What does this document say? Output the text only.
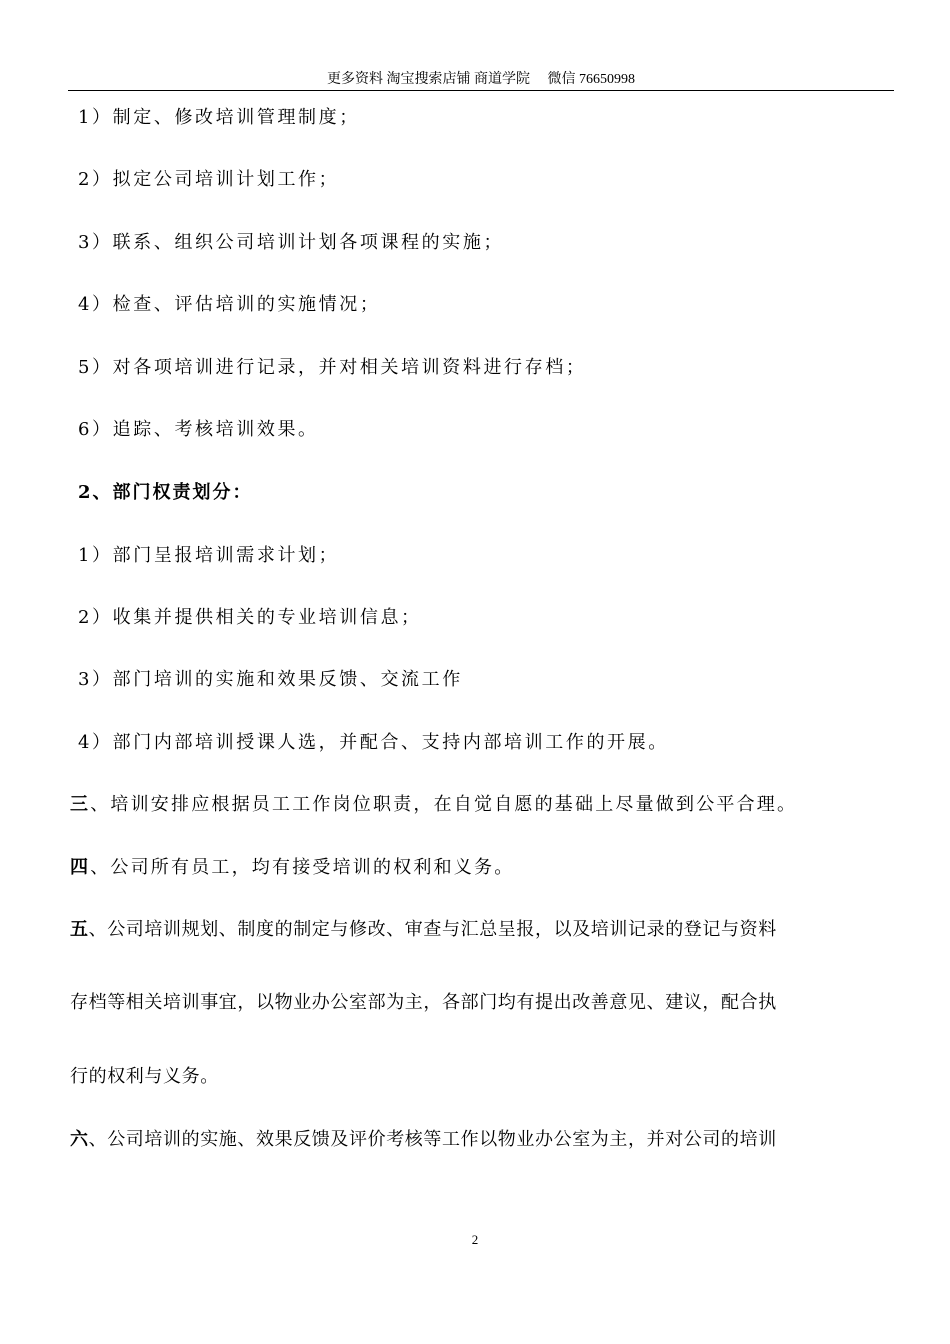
更多资料 淘宝搜索店铺 商道学院　 微信 76650998
1）制定、修改培训管理制度；
2）拟定公司培训计划工作；
3）联系、组织公司培训计划各项课程的实施；
4）检查、评估培训的实施情况；
5）对各项培训进行记录，并对相关培训资料进行存档；
6）追踪、考核培训效果。
2、部门权责划分：
1）部门呈报培训需求计划；
2）收集并提供相关的专业培训信息；
3）部门培训的实施和效果反馈、交流工作
4）部门内部培训授课人选，并配合、支持内部培训工作的开展。
三、培训安排应根据员工工作岗位职责，在自觉自愿的基础上尽量做到公平合理。
四、公司所有员工，均有接受培训的权利和义务。
五、公司培训规划、制度的制定与修改、审查与汇总呈报，以及培训记录的登记与资料
存档等相关培训事宜，以物业办公室部为主，各部门均有提出改善意见、建议，配合执
行的权利与义务。
六、公司培训的实施、效果反馈及评价考核等工作以物业办公室为主，并对公司的培训
2
